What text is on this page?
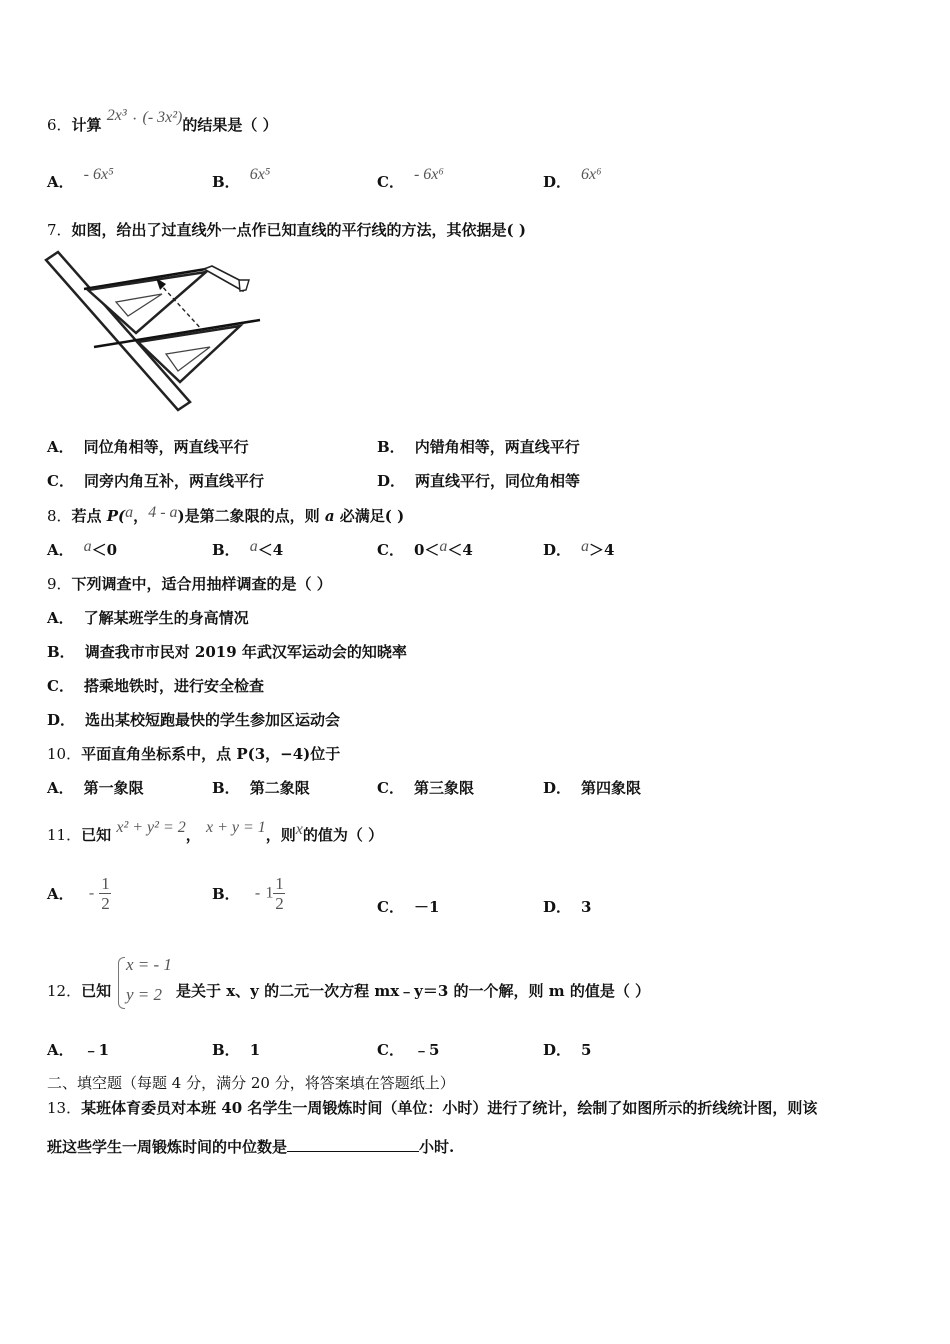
6．计算 2x³ · (- 3x²)的结果是（ ）
A． - 6x⁵	B． 6x⁵	C． - 6x⁶	D． 6x⁶
7．如图，给出了过直线外一点作已知直线的平行线的方法，其依据是( )
A． 同位角相等，两直线平行	B． 内错角相等，两直线平行
C． 同旁内角互补，两直线平行	D． 两直线平行，同位角相等
8．若点 P(a，4 - a)是第二象限的点，则 a 必满足( )
A． a＜0	B． a＜4	C． 0＜a＜4	D． a＞4
9．下列调查中，适合用抽样调查的是（ ）
A． 了解某班学生的身高情况
B． 调查我市市民对 2019 年武汉军运动会的知晓率
C． 搭乘地铁时，进行安全检查
D． 选出某校短跑最快的学生参加区运动会
10．平面直角坐标系中，点 P(3，−4)位于
A． 第一象限	B． 第二象限	C． 第三象限	D． 第四象限
11．已知 x² + y² = 2， x + y = 1，则x的值为（ ）
A． - $\frac{1}{2}$	B． - $1 \frac{1}{2}$	C． －1	D． 3
12．已知
x = - 1
y = 2 是关于 x、y 的二元一次方程 mx﹣y＝3 的一个解，则 m 的值是（ ）
A． ﹣1	B． 1	C． ﹣5	D． 5
二、填空题（每题 4 分，满分 20 分，将答案填在答题纸上）
13．某班体育委员对本班 40 名学生一周锻炼时间（单位：小时）进行了统计，绘制了如图所示的折线统计图，则该
班这些学生一周锻炼时间的中位数是	小时.
